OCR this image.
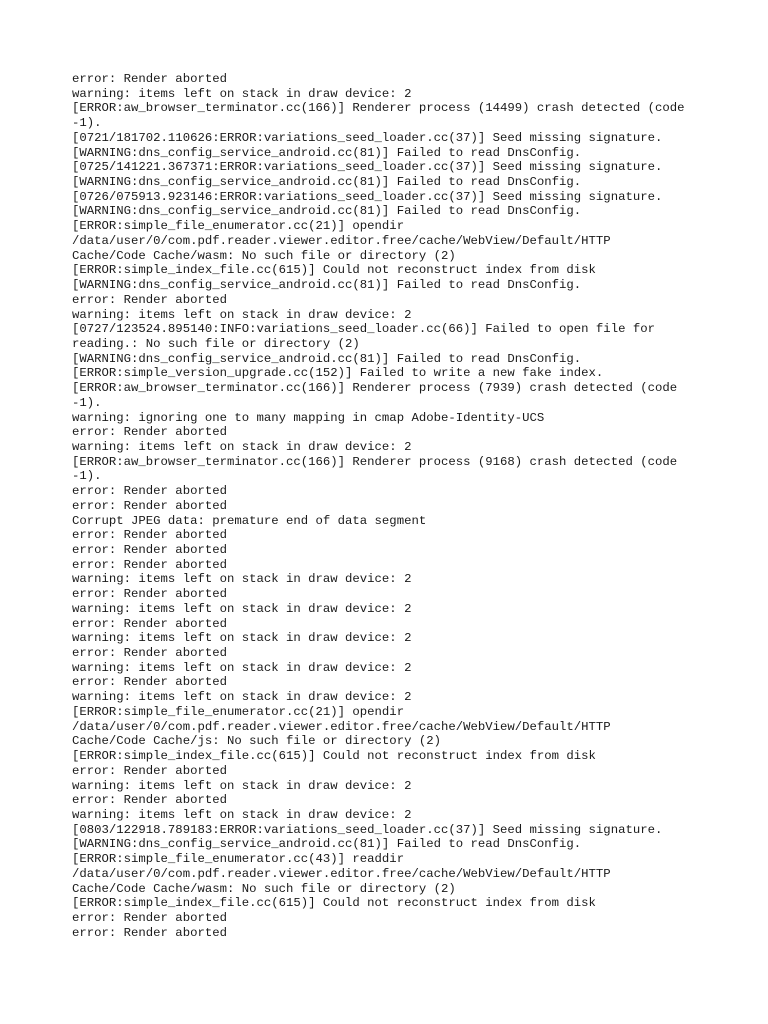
error: Render aborted
warning: items left on stack in draw device: 2
[ERROR:aw_browser_terminator.cc(166)] Renderer process (14499) crash detected (code
-1).
[0721/181702.110626:ERROR:variations_seed_loader.cc(37)] Seed missing signature.
[WARNING:dns_config_service_android.cc(81)] Failed to read DnsConfig.
[0725/141221.367371:ERROR:variations_seed_loader.cc(37)] Seed missing signature.
[WARNING:dns_config_service_android.cc(81)] Failed to read DnsConfig.
[0726/075913.923146:ERROR:variations_seed_loader.cc(37)] Seed missing signature.
[WARNING:dns_config_service_android.cc(81)] Failed to read DnsConfig.
[ERROR:simple_file_enumerator.cc(21)] opendir
/data/user/0/com.pdf.reader.viewer.editor.free/cache/WebView/Default/HTTP
Cache/Code Cache/wasm: No such file or directory (2)
[ERROR:simple_index_file.cc(615)] Could not reconstruct index from disk
[WARNING:dns_config_service_android.cc(81)] Failed to read DnsConfig.
error: Render aborted
warning: items left on stack in draw device: 2
[0727/123524.895140:INFO:variations_seed_loader.cc(66)] Failed to open file for
reading.: No such file or directory (2)
[WARNING:dns_config_service_android.cc(81)] Failed to read DnsConfig.
[ERROR:simple_version_upgrade.cc(152)] Failed to write a new fake index.
[ERROR:aw_browser_terminator.cc(166)] Renderer process (7939) crash detected (code
-1).
warning: ignoring one to many mapping in cmap Adobe-Identity-UCS
error: Render aborted
warning: items left on stack in draw device: 2
[ERROR:aw_browser_terminator.cc(166)] Renderer process (9168) crash detected (code
-1).
error: Render aborted
error: Render aborted
Corrupt JPEG data: premature end of data segment
error: Render aborted
error: Render aborted
error: Render aborted
warning: items left on stack in draw device: 2
error: Render aborted
warning: items left on stack in draw device: 2
error: Render aborted
warning: items left on stack in draw device: 2
error: Render aborted
warning: items left on stack in draw device: 2
error: Render aborted
warning: items left on stack in draw device: 2
[ERROR:simple_file_enumerator.cc(21)] opendir
/data/user/0/com.pdf.reader.viewer.editor.free/cache/WebView/Default/HTTP
Cache/Code Cache/js: No such file or directory (2)
[ERROR:simple_index_file.cc(615)] Could not reconstruct index from disk
error: Render aborted
warning: items left on stack in draw device: 2
error: Render aborted
warning: items left on stack in draw device: 2
[0803/122918.789183:ERROR:variations_seed_loader.cc(37)] Seed missing signature.
[WARNING:dns_config_service_android.cc(81)] Failed to read DnsConfig.
[ERROR:simple_file_enumerator.cc(43)] readdir
/data/user/0/com.pdf.reader.viewer.editor.free/cache/WebView/Default/HTTP
Cache/Code Cache/wasm: No such file or directory (2)
[ERROR:simple_index_file.cc(615)] Could not reconstruct index from disk
error: Render aborted
error: Render aborted
